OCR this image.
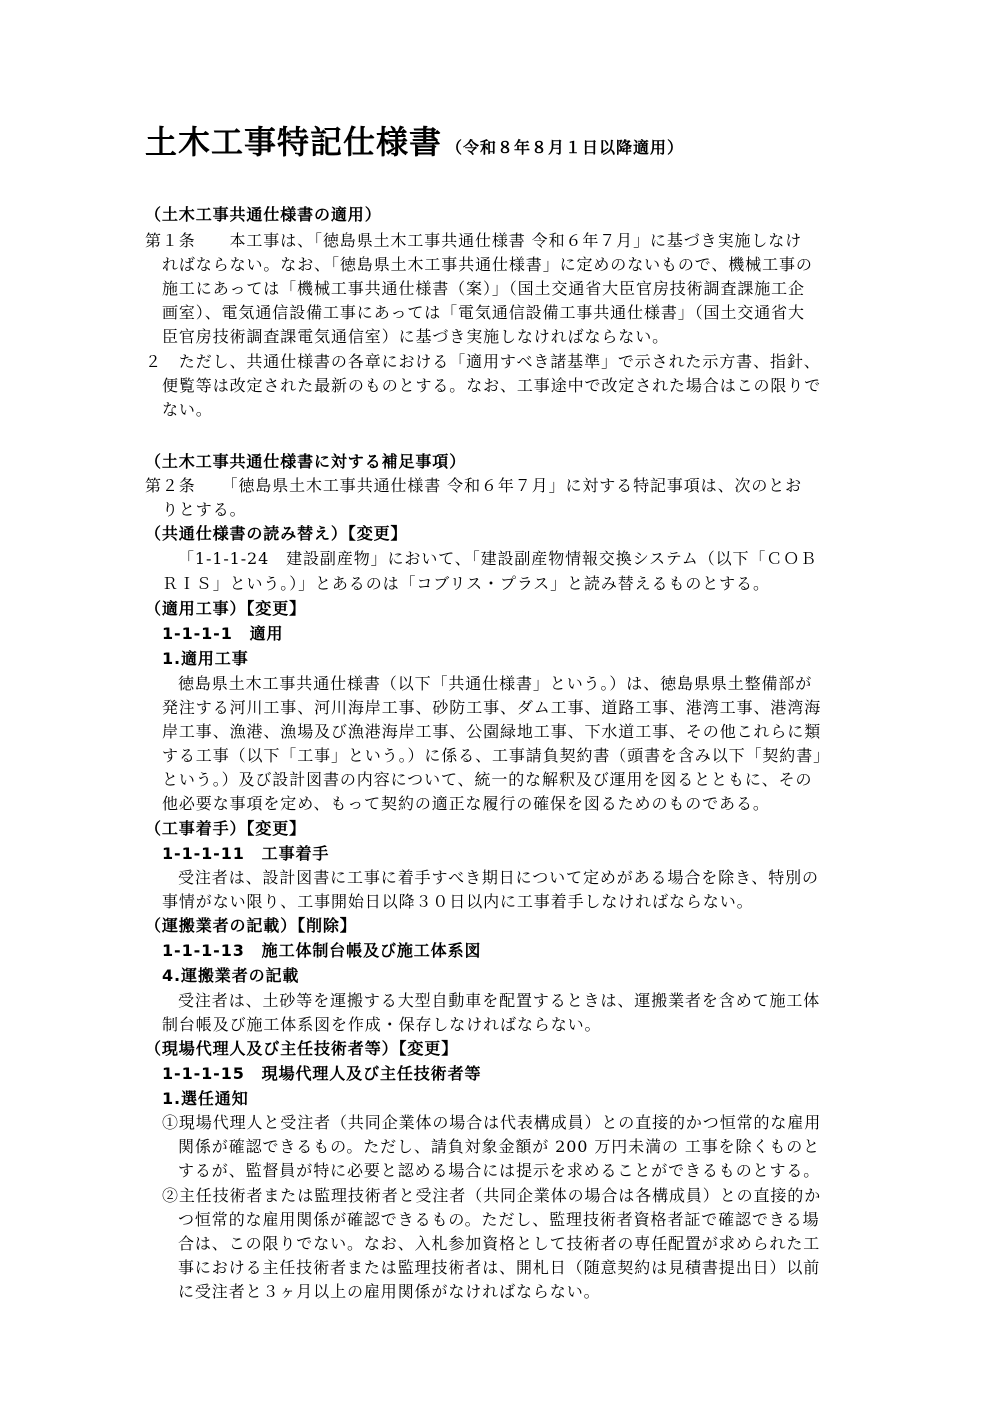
土木工事特記仕様書 （令和８年８月１日以降適用）
（土木工事共通仕様書の適用）
第１条　　本工事は、「徳島県土木工事共通仕様書 令和６年７月」に基づき実施しなけ
ればならない。なお、「徳島県土木工事共通仕様書」に定めのないもので、機械工事の
施工にあっては「機械工事共通仕様書（案）」（国土交通省大臣官房技術調査課施工企
画室）、電気通信設備工事にあっては「電気通信設備工事共通仕様書」（国土交通省大
臣官房技術調査課電気通信室）に基づき実施しなければならない。
２　ただし、共通仕様書の各章における「適用すべき諸基準」で示された示方書、指針、
便覧等は改定された最新のものとする。なお、工事途中で改定された場合はこの限りで
ない。
（土木工事共通仕様書に対する補足事項）
第２条　　「徳島県土木工事共通仕様書 令和６年７月」に対する特記事項は、次のとお
りとする。
（共通仕様書の読み替え）【変更】
「1-1-1-24　建設副産物」において、「建設副産物情報交換システム（以下「ＣＯＢ
ＲＩＳ」という。）」とあるのは「コブリス・プラス」と読み替えるものとする。
（適用工事）【変更】
1-1-1-1　適用
1.適用工事
徳島県土木工事共通仕様書（以下「共通仕様書」という。）は、徳島県県土整備部が
発注する河川工事、河川海岸工事、砂防工事、ダム工事、道路工事、港湾工事、港湾海
岸工事、漁港、漁場及び漁港海岸工事、公園緑地工事、下水道工事、その他これらに類
する工事（以下「工事」という。）に係る、工事請負契約書（頭書を含み以下「契約書」
という。）及び設計図書の内容について、統一的な解釈及び運用を図るとともに、その
他必要な事項を定め、もって契約の適正な履行の確保を図るためのものである。
（工事着手）【変更】
1-1-1-11　工事着手
受注者は、設計図書に工事に着手すべき期日について定めがある場合を除き、特別の
事情がない限り、工事開始日以降３０日以内に工事着手しなければならない。
（運搬業者の記載）【削除】
1-1-1-13　施工体制台帳及び施工体系図
4.運搬業者の記載
受注者は、土砂等を運搬する大型自動車を配置するときは、運搬業者を含めて施工体
制台帳及び施工体系図を作成・保存しなければならない。
（現場代理人及び主任技術者等）【変更】
1-1-1-15　現場代理人及び主任技術者等
1.選任通知
①現場代理人と受注者（共同企業体の場合は代表構成員）との直接的かつ恒常的な雇用
関係が確認できるもの。ただし、請負対象金額が 200 万円未満の 工事を除くものと
するが、監督員が特に必要と認める場合には提示を求めることができるものとする。
②主任技術者または監理技術者と受注者（共同企業体の場合は各構成員）との直接的か
つ恒常的な雇用関係が確認できるもの。ただし、監理技術者資格者証で確認できる場
合は、この限りでない。なお、入札参加資格として技術者の専任配置が求められた工
事における主任技術者または監理技術者は、開札日（随意契約は見積書提出日）以前
に受注者と３ヶ月以上の雇用関係がなければならない。
